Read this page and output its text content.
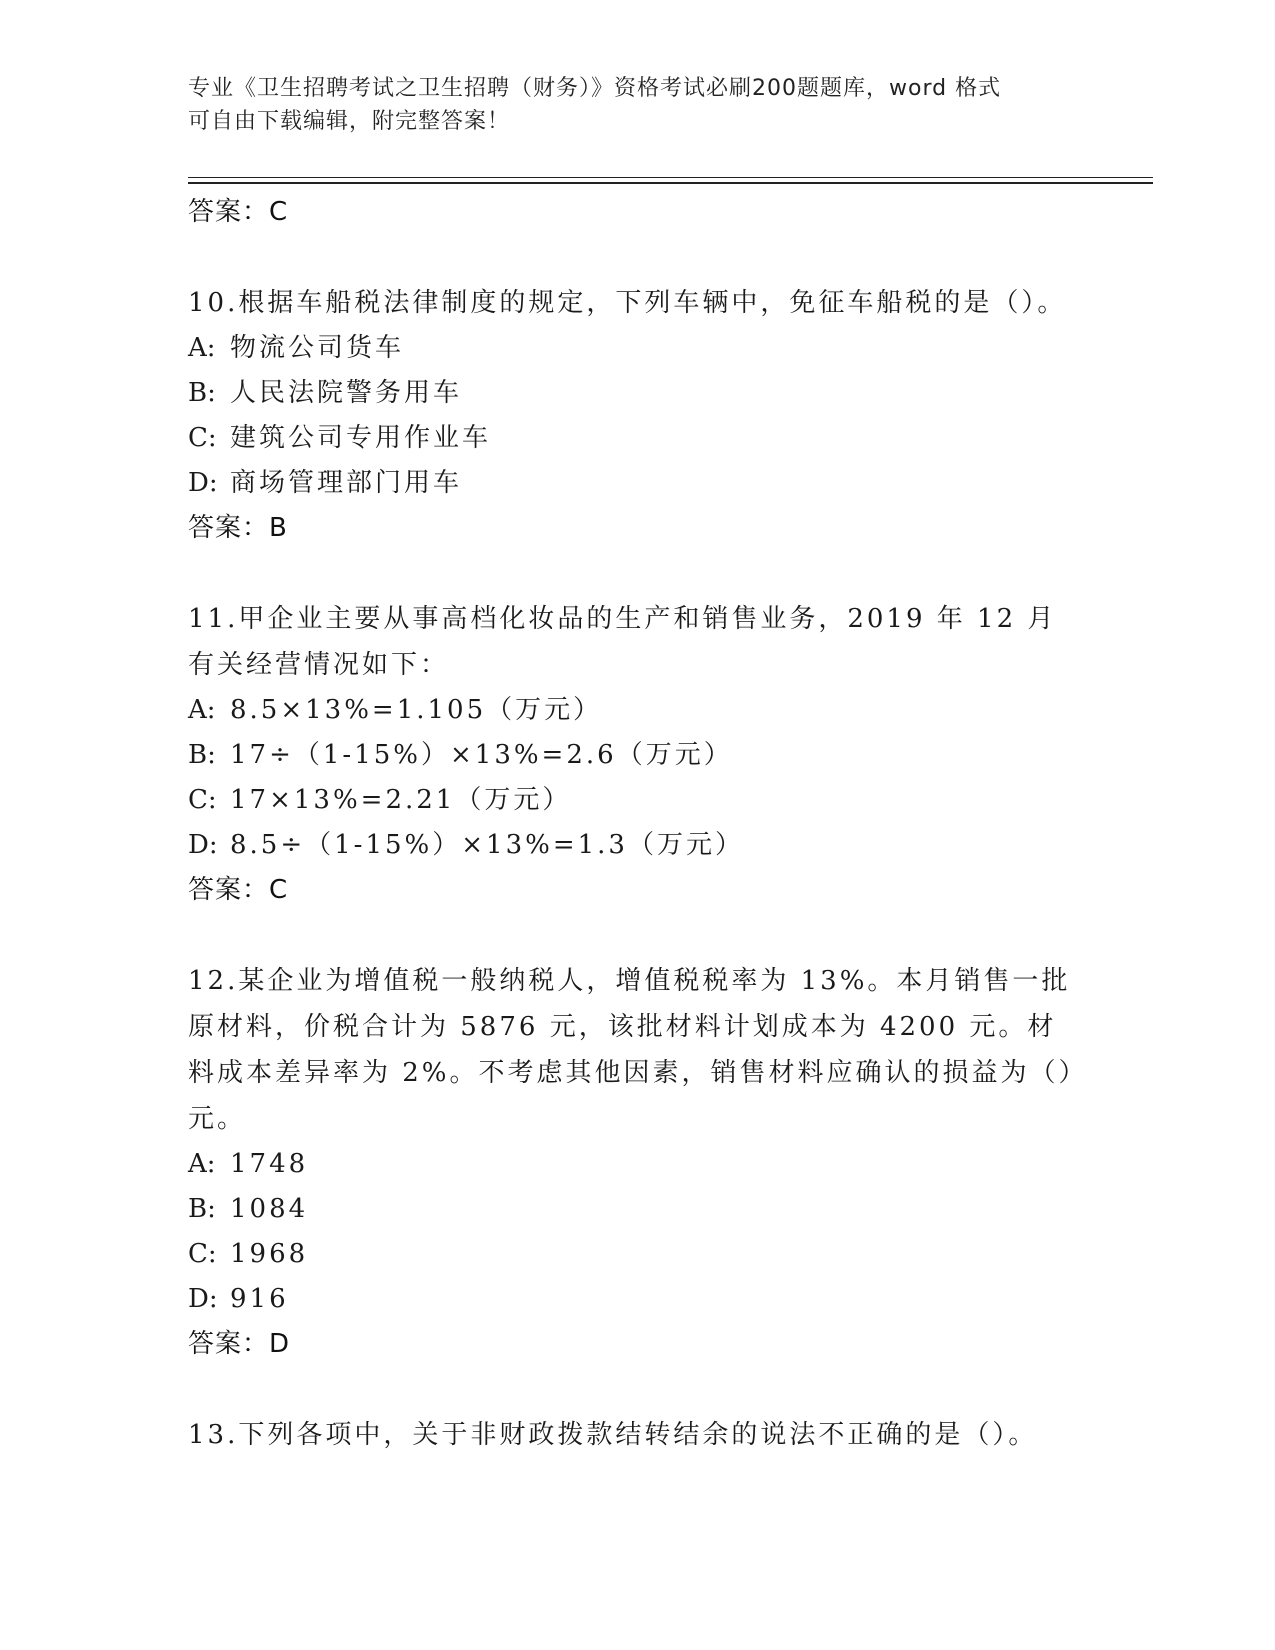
专业《卫生招聘考试之卫生招聘（财务）》资格考试必刷200题题库，word 格式
可自由下载编辑，附完整答案！
答案：C

10.根据车船税法律制度的规定，下列车辆中，免征车船税的是（）。

A: 物流公司货车
B: 人民法院警务用车
C: 建筑公司专用作业车
D: 商场管理部门用车
答案：B

11.甲企业主要从事高档化妆品的生产和销售业务，2019 年 12 月有关经营情况如下：

A: 8.5×13%=1.105（万元）
B: 17÷（1-15%）×13%=2.6（万元）
C: 17×13%=2.21（万元）
D: 8.5÷（1-15%）×13%=1.3（万元）
答案：C

12.某企业为增值税一般纳税人，增值税税率为 13%。本月销售一批原材料，价税合计为 5876 元，该批材料计划成本为 4200 元。材料成本差异率为 2%。不考虑其他因素，销售材料应确认的损益为（）元。

A: 1748
B: 1084
C: 1968
D: 916
答案：D

13.下列各项中，关于非财政拨款结转结余的说法不正确的是（）。
